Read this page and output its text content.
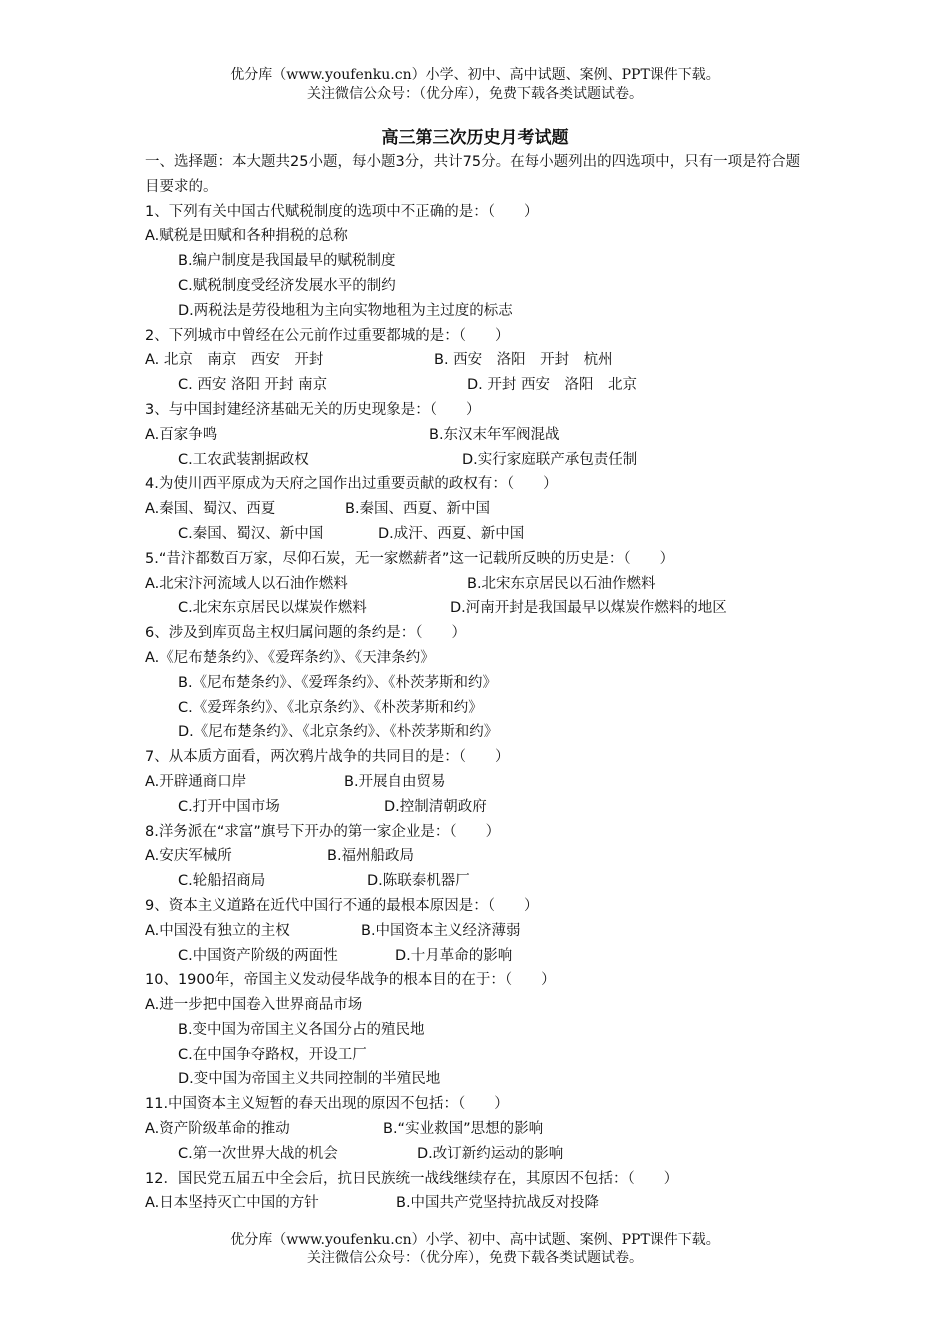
优分库（www.youfenku.cn）小学、初中、高中试题、案例、PPT课件下载。
关注微信公众号：（优分库），免费下载各类试题试卷。
高三第三次历史月考试题
一、选择题：本大题共25小题，每小题3分，共计75分。在每小题列出的四选项中，只有一项是符合题目要求的。
1、下列有关中国古代赋税制度的选项中不正确的是：（　　）
A.赋税是田赋和各种捐税的总称
B.编户制度是我国最早的赋税制度
C.赋税制度受经济发展水平的制约
D.两税法是劳役地租为主向实物地租为主过度的标志
2、下列城市中曾经在公元前作过重要都城的是：（　　）
A. 北京　南京　西安　开封	B. 西安　洛阳　开封　杭州
C. 西安 洛阳 开封 南京	D. 开封 西安　洛阳　北京
3、与中国封建经济基础无关的历史现象是：（　　）
A.百家争鸣	B.东汉末年军阀混战
C.工农武装割据政权	D.实行家庭联产承包责任制
4.为使川西平原成为天府之国作出过重要贡献的政权有：（　　）
A.秦国、蜀汉、西夏	B.秦国、西夏、新中国
C.秦国、蜀汉、新中国	D.成汗、西夏、新中国
5.“昔汴都数百万家，尽仰石炭，无一家燃薪者”这一记载所反映的历史是：（　　）
A.北宋汴河流域人以石油作燃料	B.北宋东京居民以石油作燃料
C.北宋东京居民以煤炭作燃料	D.河南开封是我国最早以煤炭作燃料的地区
6、涉及到库页岛主权归属问题的条约是：（　　）
A.《尼布楚条约》、《爱珲条约》、《天津条约》
B.《尼布楚条约》、《爱珲条约》、《朴茨茅斯和约》
C.《爱珲条约》、《北京条约》、《朴茨茅斯和约》
D.《尼布楚条约》、《北京条约》、《朴茨茅斯和约》
7、从本质方面看，两次鸦片战争的共同目的是：（　　）
A.开辟通商口岸	B.开展自由贸易
C.打开中国市场	D.控制清朝政府
8.洋务派在“求富”旗号下开办的第一家企业是：（　　）
A.安庆军械所	B.福州船政局
C.轮船招商局	D.陈联泰机器厂
9、资本主义道路在近代中国行不通的最根本原因是：（　　）
A.中国没有独立的主权	B.中国资本主义经济薄弱
C.中国资产阶级的两面性	D.十月革命的影响
10、1900年，帝国主义发动侵华战争的根本目的在于：（　　）
A.进一步把中国卷入世界商品市场
B.变中国为帝国主义各国分占的殖民地
C.在中国争夺路权，开设工厂
D.变中国为帝国主义共同控制的半殖民地
11.中国资本主义短暂的春天出现的原因不包括：（　　）
A.资产阶级革命的推动	B.“实业救国”思想的影响
C.第一次世界大战的机会	D.改订新约运动的影响
12．国民党五届五中全会后，抗日民族统一战线继续存在，其原因不包括：（　　）
A.日本坚持灭亡中国的方针	B.中国共产党坚持抗战反对投降
优分库（www.youfenku.cn）小学、初中、高中试题、案例、PPT课件下载。
关注微信公众号：（优分库），免费下载各类试题试卷。
